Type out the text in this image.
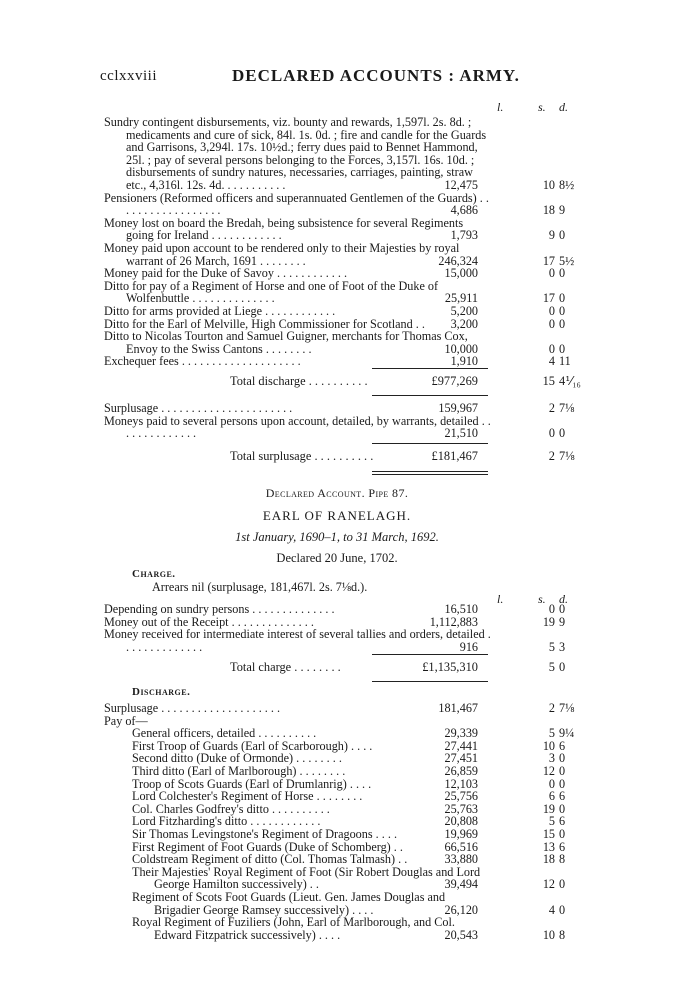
cclxxviii	DECLARED ACCOUNTS : ARMY.
l.	s. d.
Sundry contingent disbursements, viz. bounty and rewards, 1,597l. 2s. 8d. ; medicaments and cure of sick, 84l. 1s. 0d. ; fire and candle for the Guards and Garrisons, 3,294l. 17s. 10½d.; ferry dues paid to Bennet Hammond, 25l. ; pay of several persons belonging to the Forces, 3,157l. 16s. 10d. ; disbursements of sundry natures, necessaries, carriages, painting, straw etc., 4,316l. 12s. 4d. . . . . . . . . . .	12,475	10 8½
Pensioners (Reformed officers and superannuated Gentlemen of the Guards) . . . . . . . . . . . . . . . . . .	4,686	18 9
Money lost on board the Bredah, being subsistence for several Regiments going for Ireland . . . . . . . . . . . .	1,793	9 0
Money paid upon account to be rendered only to their Majesties by royal warrant of 26 March, 1691 . . . . . . . .	246,324	17 5½
Money paid for the Duke of Savoy . . . . . . . . . . . .	15,000	0 0
Ditto for pay of a Regiment of Horse and one of Foot of the Duke of Wolfenbuttle . . . . . . . . . . . . . .	25,911	17 0
Ditto for arms provided at Liege . . . . . . . . . . . .	5,200	0 0
Ditto for the Earl of Melville, High Commissioner for Scotland . .	3,200	0 0
Ditto to Nicolas Tourton and Samuel Guigner, merchants for Thomas Cox, Envoy to the Swiss Cantons . . . . . . . .	10,000	0 0
Exchequer fees . . . . . . . . . . . . . . . . . . . .	1,910	4 11
Total discharge . . . . . . . . . .	£977,269	15 4⅟₁₆
Surplusage . . . . . . . . . . . . . . . . . . . . . .	159,967	2 7⅛
Moneys paid to several persons upon account, detailed, by warrants, detailed . . . . . . . . . . . . . .	21,510	0 0
Total surplusage . . . . . . . . . .	£181,467	2 7⅛
Declared Account. Pipe 87.
EARL OF RANELAGH.
1st January, 1690–1, to 31 March, 1692.
Declared 20 June, 1702.
Charge.
Arrears nil (surplusage, 181,467l. 2s. 7⅛d.).
l.	s. d.
Depending on sundry persons . . . . . . . . . . . . . .	16,510	0 0
Money out of the Receipt . . . . . . . . . . . . . .	1,112,883	19 9
Money received for intermediate interest of several tallies and orders, detailed . . . . . . . . . . . . . .	916	5 3
Total charge . . . . . . . .	£1,135,310	5 0
Discharge.
Surplusage . . . . . . . . . . . . . . . . . . . .	181,467	2 7⅛
Pay of—
General officers, detailed . . . . . . . . . .	29,339	5 9¼
First Troop of Guards (Earl of Scarborough) . . . .	27,441	10 6
Second ditto (Duke of Ormonde) . . . . . . . .	27,451	3 0
Third ditto (Earl of Marlborough) . . . . . . . .	26,859	12 0
Troop of Scots Guards (Earl of Drumlanrig) . . . .	12,103	0 0
Lord Colchester's Regiment of Horse . . . . . . . .	25,756	6 6
Col. Charles Godfrey's ditto . . . . . . . . . .	25,763	19 0
Lord Fitzharding's ditto . . . . . . . . . . . .	20,808	5 6
Sir Thomas Levingstone's Regiment of Dragoons . . . .	19,969	15 0
First Regiment of Foot Guards (Duke of Schomberg) . .	66,516	13 6
Coldstream Regiment of ditto (Col. Thomas Talmash) . .	33,880	18 8
Their Majesties' Royal Regiment of Foot (Sir Robert Douglas and Lord George Hamilton successively) . .	39,494	12 0
Regiment of Scots Foot Guards (Lieut. Gen. James Douglas and Brigadier George Ramsey successively) . . . .	26,120	4 0
Royal Regiment of Fuziliers (John, Earl of Marlborough, and Col. Edward Fitzpatrick successively) . . . .	20,543	10 8
